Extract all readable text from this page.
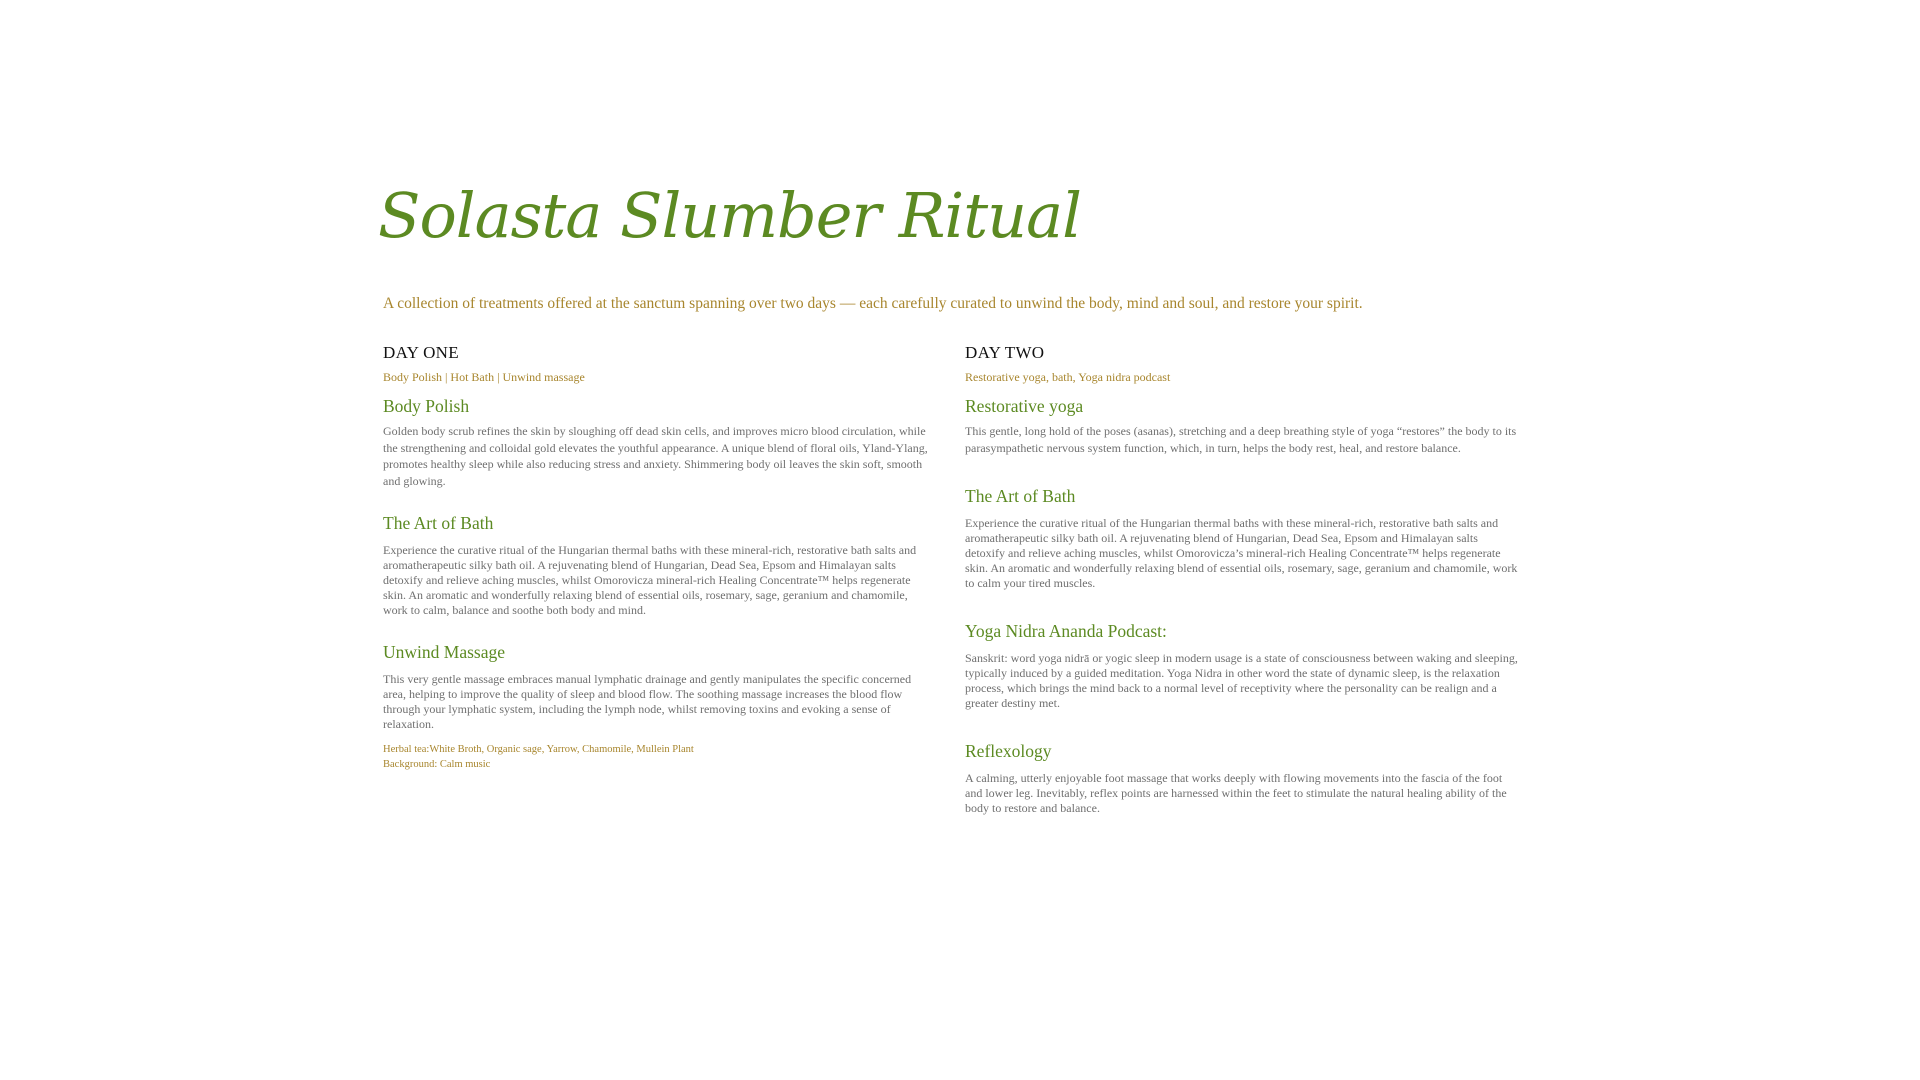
Solasta Slumber Ritual

A collection of treatments offered at the sanctum spanning over two days — each carefully curated to unwind the body, mind and soul, and restore your spirit.

DAY ONE

Body Polish | Hot Bath | Unwind massage

Body Polish

Golden body scrub refines the skin by sloughing off dead skin cells, and improves micro blood circulation, while the strengthening and colloidal gold elevates the youthful appearance. A unique blend of floral oils, Yland-Ylang, promotes healthy sleep while also reducing stress and anxiety. Shimmering body oil leaves the skin soft, smooth and glowing.

The Art of Bath

Experience the curative ritual of the Hungarian thermal baths with these mineral-rich, restorative bath salts and aromatherapeutic silky bath oil. A rejuvenating blend of Hungarian, Dead Sea, Epsom and Himalayan salts detoxify and relieve aching muscles, whilst Omorovicza mineral-rich Healing Concentrate™ helps regenerate skin. An aromatic and wonderfully relaxing blend of essential oils, rosemary, sage, geranium and chamomile, work to calm, balance and soothe both body and mind.

Unwind Massage

This very gentle massage embraces manual lymphatic drainage and gently manipulates the specific concerned area, helping to improve the quality of sleep and blood flow. The soothing massage increases the blood flow through your lymphatic system, including the lymph node, whilst removing toxins and evoking a sense of relaxation.

Herbal tea:White Broth, Organic sage, Yarrow, Chamomile, Mullein Plant

Background: Calm music

DAY TWO

Restorative yoga, bath, Yoga nidra podcast

Restorative yoga

This gentle, long hold of the poses (asanas), stretching and a deep breathing style of yoga “restores” the body to its parasympathetic nervous system function, which, in turn, helps the body rest, heal, and restore balance.

The Art of Bath

Experience the curative ritual of the Hungarian thermal baths with these mineral-rich, restorative bath salts and aromatherapeutic silky bath oil. A rejuvenating blend of Hungarian, Dead Sea, Epsom and Himalayan salts detoxify and relieve aching muscles, whilst Omorovicza’s mineral-rich Healing Concentrate™ helps regenerate skin. An aromatic and wonderfully relaxing blend of essential oils, rosemary, sage, geranium and chamomile, work to calm your tired muscles.

Yoga Nidra Ananda Podcast:

Sanskrit: word yoga nidrā or yogic sleep in modern usage is a state of consciousness between waking and sleeping, typically induced by a guided meditation. Yoga Nidra in other word the state of dynamic sleep, is the relaxation process, which brings the mind back to a normal level of receptivity where the personality can be realign and a greater destiny met.

Reflexology

A calming, utterly enjoyable foot massage that works deeply with flowing movements into the fascia of the foot and lower leg. Inevitably, reflex points are harnessed within the feet to stimulate the natural healing ability of the body to restore and balance.
